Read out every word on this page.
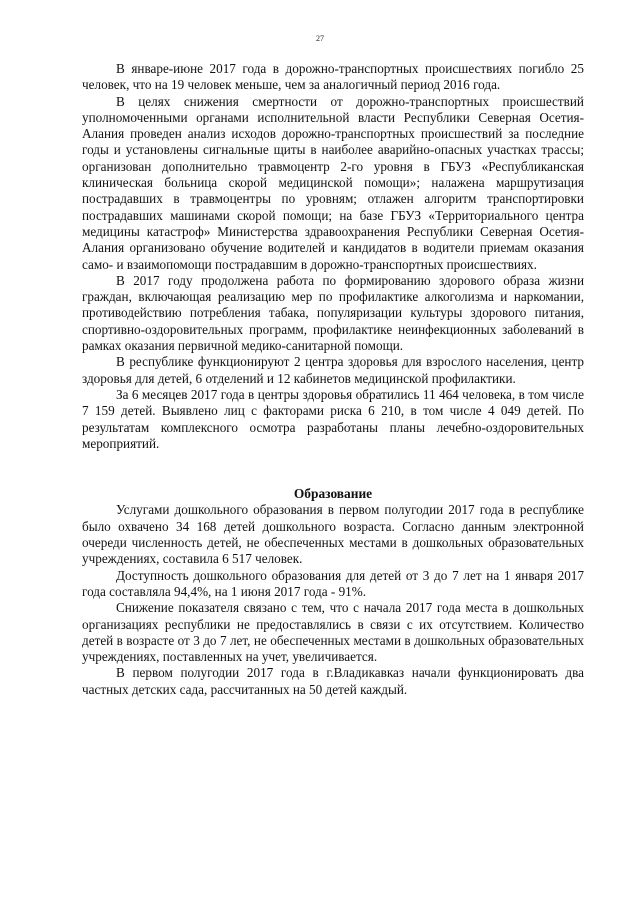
27

В январе-июне 2017 года в дорожно-транспортных происшествиях погибло 25 человек, что на 19 человек меньше, чем за аналогичный период 2016 года.

В целях снижения смертности от дорожно-транспортных происшествий уполномоченными органами исполнительной власти Республики Северная Осетия-Алания проведен анализ исходов дорожно-транспортных происшествий за последние годы и установлены сигнальные щиты в наиболее аварийно-опасных участках трассы; организован дополнительно травмоцентр 2-го уровня в ГБУЗ «Республиканская клиническая больница скорой медицинской помощи»; налажена маршрутизация пострадавших в травмоцентры по уровням; отлажен алгоритм транспортировки пострадавших машинами скорой помощи; на базе ГБУЗ «Территориального центра медицины катастроф» Министерства здравоохранения Республики Северная Осетия-Алания организовано обучение водителей и кандидатов в водители приемам оказания само- и взаимопомощи пострадавшим в дорожно-транспортных происшествиях.

В 2017 году продолжена работа по формированию здорового образа жизни граждан, включающая реализацию мер по профилактике алкоголизма и наркомании, противодействию потребления табака, популяризации культуры здорового питания, спортивно-оздоровительных программ, профилактике неинфекционных заболеваний в рамках оказания первичной медико-санитарной помощи.

В республике функционируют 2 центра здоровья для взрослого населения, центр здоровья для детей, 6 отделений и 12 кабинетов медицинской профилактики.

За 6 месяцев 2017 года в центры здоровья обратились 11 464 человека, в том числе 7 159 детей. Выявлено лиц с факторами риска 6 210, в том числе 4 049 детей. По результатам комплексного осмотра разработаны планы лечебно-оздоровительных мероприятий.

Образование

Услугами дошкольного образования в первом полугодии 2017 года в республике было охвачено 34 168 детей дошкольного возраста. Согласно данным электронной очереди численность детей, не обеспеченных местами в дошкольных образовательных учреждениях, составила 6 517 человек.

Доступность дошкольного образования для детей от 3 до 7 лет на 1 января 2017 года составляла 94,4%, на 1 июня 2017 года - 91%.

Снижение показателя связано с тем, что с начала 2017 года места в дошкольных организациях республики не предоставлялись в связи с их отсутствием. Количество детей в возрасте от 3 до 7 лет, не обеспеченных местами в дошкольных образовательных учреждениях, поставленных на учет, увеличивается.

В первом полугодии 2017 года в г.Владикавказ начали функционировать два частных детских сада, рассчитанных на 50 детей каждый.
